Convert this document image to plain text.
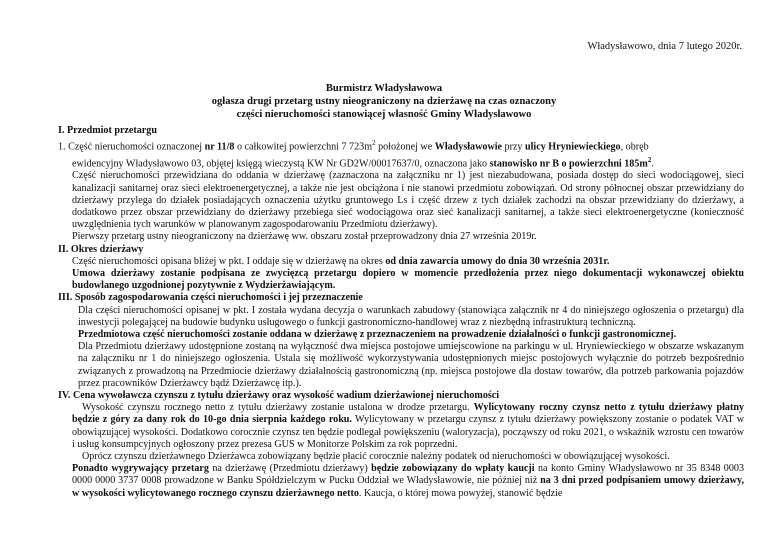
Władysławowo, dnia 7 lutego 2020r.
Burmistrz Władysławowa
ogłasza drugi przetarg ustny nieograniczony na dzierżawę na czas oznaczony
części nieruchomości stanowiącej własność Gminy Władysławowo
I. Przedmiot przetargu

1. Część nieruchomości oznaczonej nr 11/8 o całkowitej powierzchni 7 $723m^2$ położonej we Władysławowie przy ulicy Hryniewieckiego, obręb

ewidencyjny Władysławowo 03, objętej księgą wieczystą KW Nr GD2W/00017637/0, oznaczona jako stanowisko nr B o powierzchni $185m^2$.

Część nieruchomości przewidziana do oddania w dzierżawę (zaznaczona na załączniku nr 1) jest niezabudowana, posiada dostęp do sieci wodociągowej, sieci kanalizacji sanitarnej oraz sieci elektroenergetycznej, a także nie jest obciążona i nie stanowi przedmiotu zobowiązań. Od strony północnej obszar przewidziany do dzierżawy przylega do działek posiadających oznaczenia użytku gruntowego Ls i część drzew z tych działek zachodzi na obszar przewidziany do dzierżawy, a dodatkowo przez obszar przewidziany do dzierżawy przebiega sieć wodociągowa oraz sieć kanalizacji sanitarnej, a także sieci elektroenergetyczne (konieczność uwzględnienia tych warunków w planowanym zagospodarowaniu Przedmiotu dzierżawy).

Pierwszy przetarg ustny nieograniczony na dzierżawę ww. obszaru został przeprowadzony dnia 27 września 2019r.

II. Okres dzierżawy

Część nieruchomości opisana bliżej w pkt. I oddaje się w dzierżawę na okres od dnia zawarcia umowy do dnia 30 września 2031r.

Umowa dzierżawy zostanie podpisana ze zwycięzcą przetargu dopiero w momencie przedłożenia przez niego dokumentacji wykonawczej obiektu budowlanego uzgodnionej pozytywnie z Wydzierżawiającym.

III. Sposób zagospodarowania części nieruchomości i jej przeznaczenie

Dla części nieruchomości opisanej w pkt. I została wydana decyzja o warunkach zabudowy (stanowiąca załącznik nr 4 do niniejszego ogłoszenia o przetargu) dla inwestycji polegającej na budowie budynku usługowego o funkcji gastronomiczno-handlowej wraz z niezbędną infrastrukturą techniczną.

Przedmiotowa część nieruchomości zostanie oddana w dzierżawę z przeznaczeniem na prowadzenie działalności o funkcji gastronomicznej.

Dla Przedmiotu dzierżawy udostępnione zostaną na wyłączność dwa miejsca postojowe umiejscowione na parkingu w ul. Hryniewieckiego w obszarze wskazanym na załączniku nr 1 do niniejszego ogłoszenia. Ustala się możliwość wykorzystywania udostępnionych miejsc postojowych wyłącznie do potrzeb bezpośrednio związanych z prowadzoną na Przedmiocie dzierżawy działalnością gastronomiczną (np. miejsca postojowe dla dostaw towarów, dla potrzeb parkowania pojazdów przez pracowników Dzierżawcy bądź Dzierżawcę itp.).

IV. Cena wywoławcza czynszu z tytułu dzierżawy oraz wysokość wadium dzierżawionej nieruchomości

Wysokość czynszu rocznego netto z tytułu dzierżawy zostanie ustalona w drodze przetargu. Wylicytowany roczny czynsz netto z tytułu dzierżawy płatny będzie z góry za dany rok do 10-go dnia sierpnia każdego roku. Wylicytowany w przetargu czynsz z tytułu dzierżawy powiększony zostanie o podatek VAT w obowiązującej wysokości. Dodatkowo corocznie czynsz ten będzie podlegał powiększeniu (waloryzacja), począwszy od roku 2021, o wskaźnik wzrostu cen towarów i usług konsumpcyjnych ogłoszony przez prezesa GUS w Monitorze Polskim za rok poprzedni.

Oprócz czynszu dzierżawnego Dzierżawca zobowiązany będzie płacić corocznie należny podatek od nieruchomości w obowiązującej wysokości.

Ponadto wygrywający przetarg na dzierżawę (Przedmiotu dzierżawy) będzie zobowiązany do wpłaty kaucji na konto Gminy Władysławowo nr 35 8348 0003 0000 0000 3737 0008 prowadzone w Banku Spółdzielczym w Pucku Oddział we Władysławowie, nie później niż na 3 dni przed podpisaniem umowy dzierżawy, w wysokości wylicytowanego rocznego czynszu dzierżawnego netto. Kaucja, o której mowa powyżej, stanowić będzie
